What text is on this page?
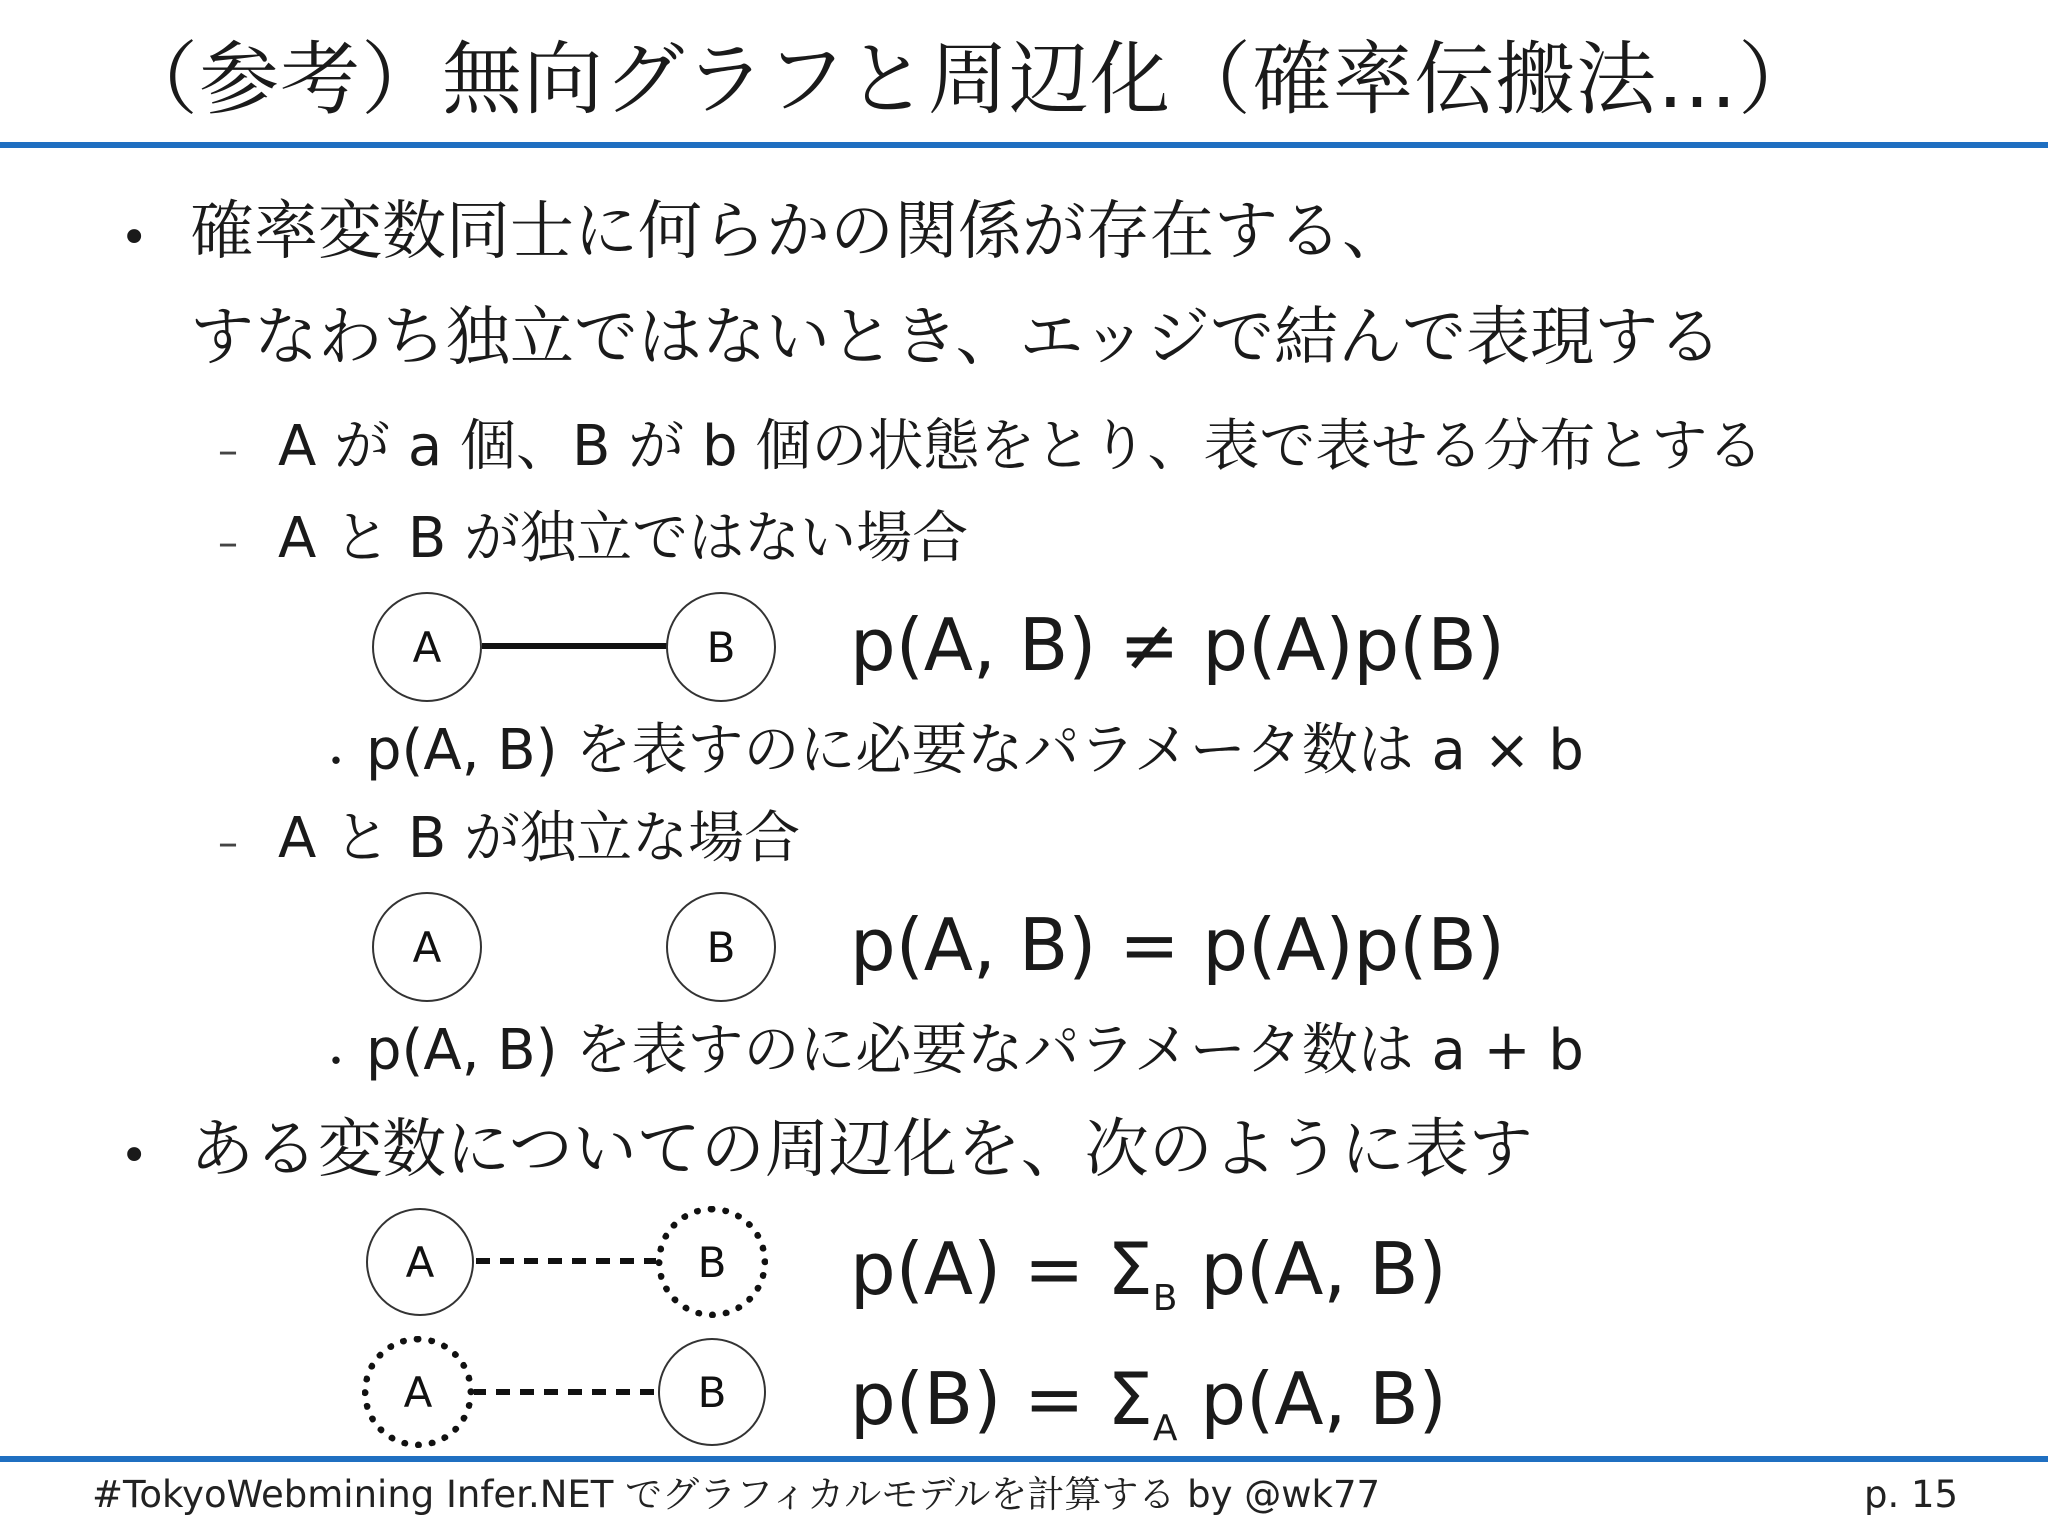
（参考）無向グラフと周辺化（確率伝搬法…）
• 確率変数同士に何らかの関係が存在する、
すなわち独立ではないとき、エッジで結んで表現する
– A が a 個、B が b 個の状態をとり、表で表せる分布とする
– A と B が独立ではない場合
A	B	p(A, B) ≠ p(A)p(B)
・ p(A, B) を表すのに必要なパラメータ数は a × b
– A と B が独立な場合
A	B	p(A, B) = p(A)p(B)
・ p(A, B) を表すのに必要なパラメータ数は a + b
• ある変数についての周辺化を、次のように表す
A	B	$p(A) = \Sigma_B$ p(A, B)
A	B	$p(B) = \Sigma_A$ p(A, B)
#TokyoWebmining Infer.NET でグラフィカルモデルを計算する by @wk77	p. 15
